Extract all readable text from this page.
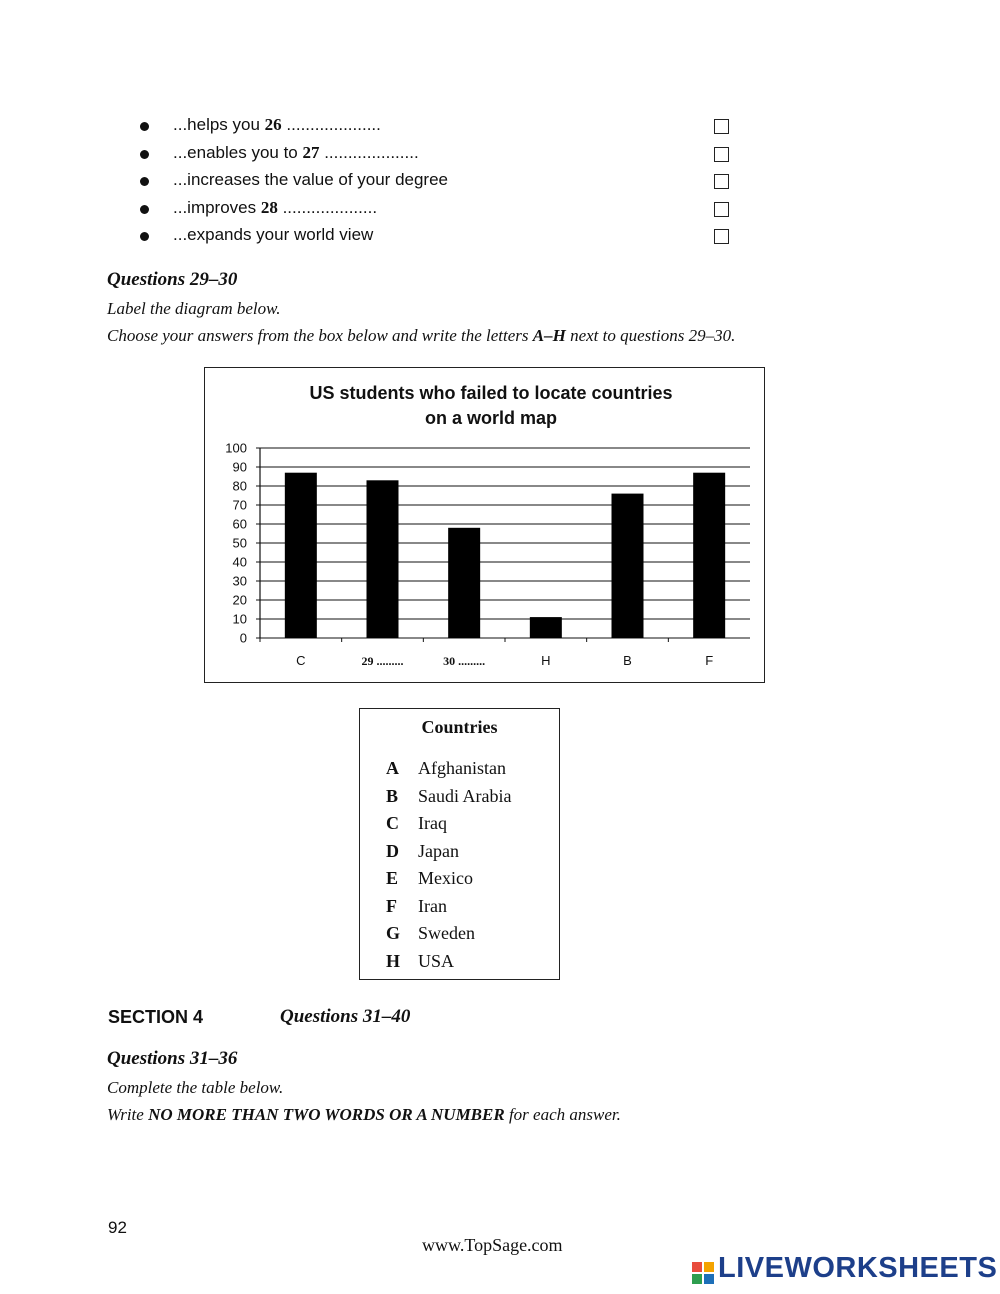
...helps you 26 ....................
...enables you to 27 ....................
...increases the value of your degree
...improves 28 ....................
...expands your world view
Questions 29–30
Label the diagram below.
Choose your answers from the box below and write the letters A–H next to questions 29–30.
US students who failed to locate countries
on a world map
0
10
20
30
40
50
60
70
80
90
100
C	29 .........	30 .........	H	B	F
Countries
A Afghanistan
B Saudi Arabia
C Iraq
D Japan
E Mexico
F Iran
G Sweden
H USA
SECTION 4	Questions 31–40
Questions 31–36
Complete the table below.
Write NO MORE THAN TWO WORDS OR A NUMBER for each answer.
92
www.TopSage.com
LIVEWORKSHEETS
